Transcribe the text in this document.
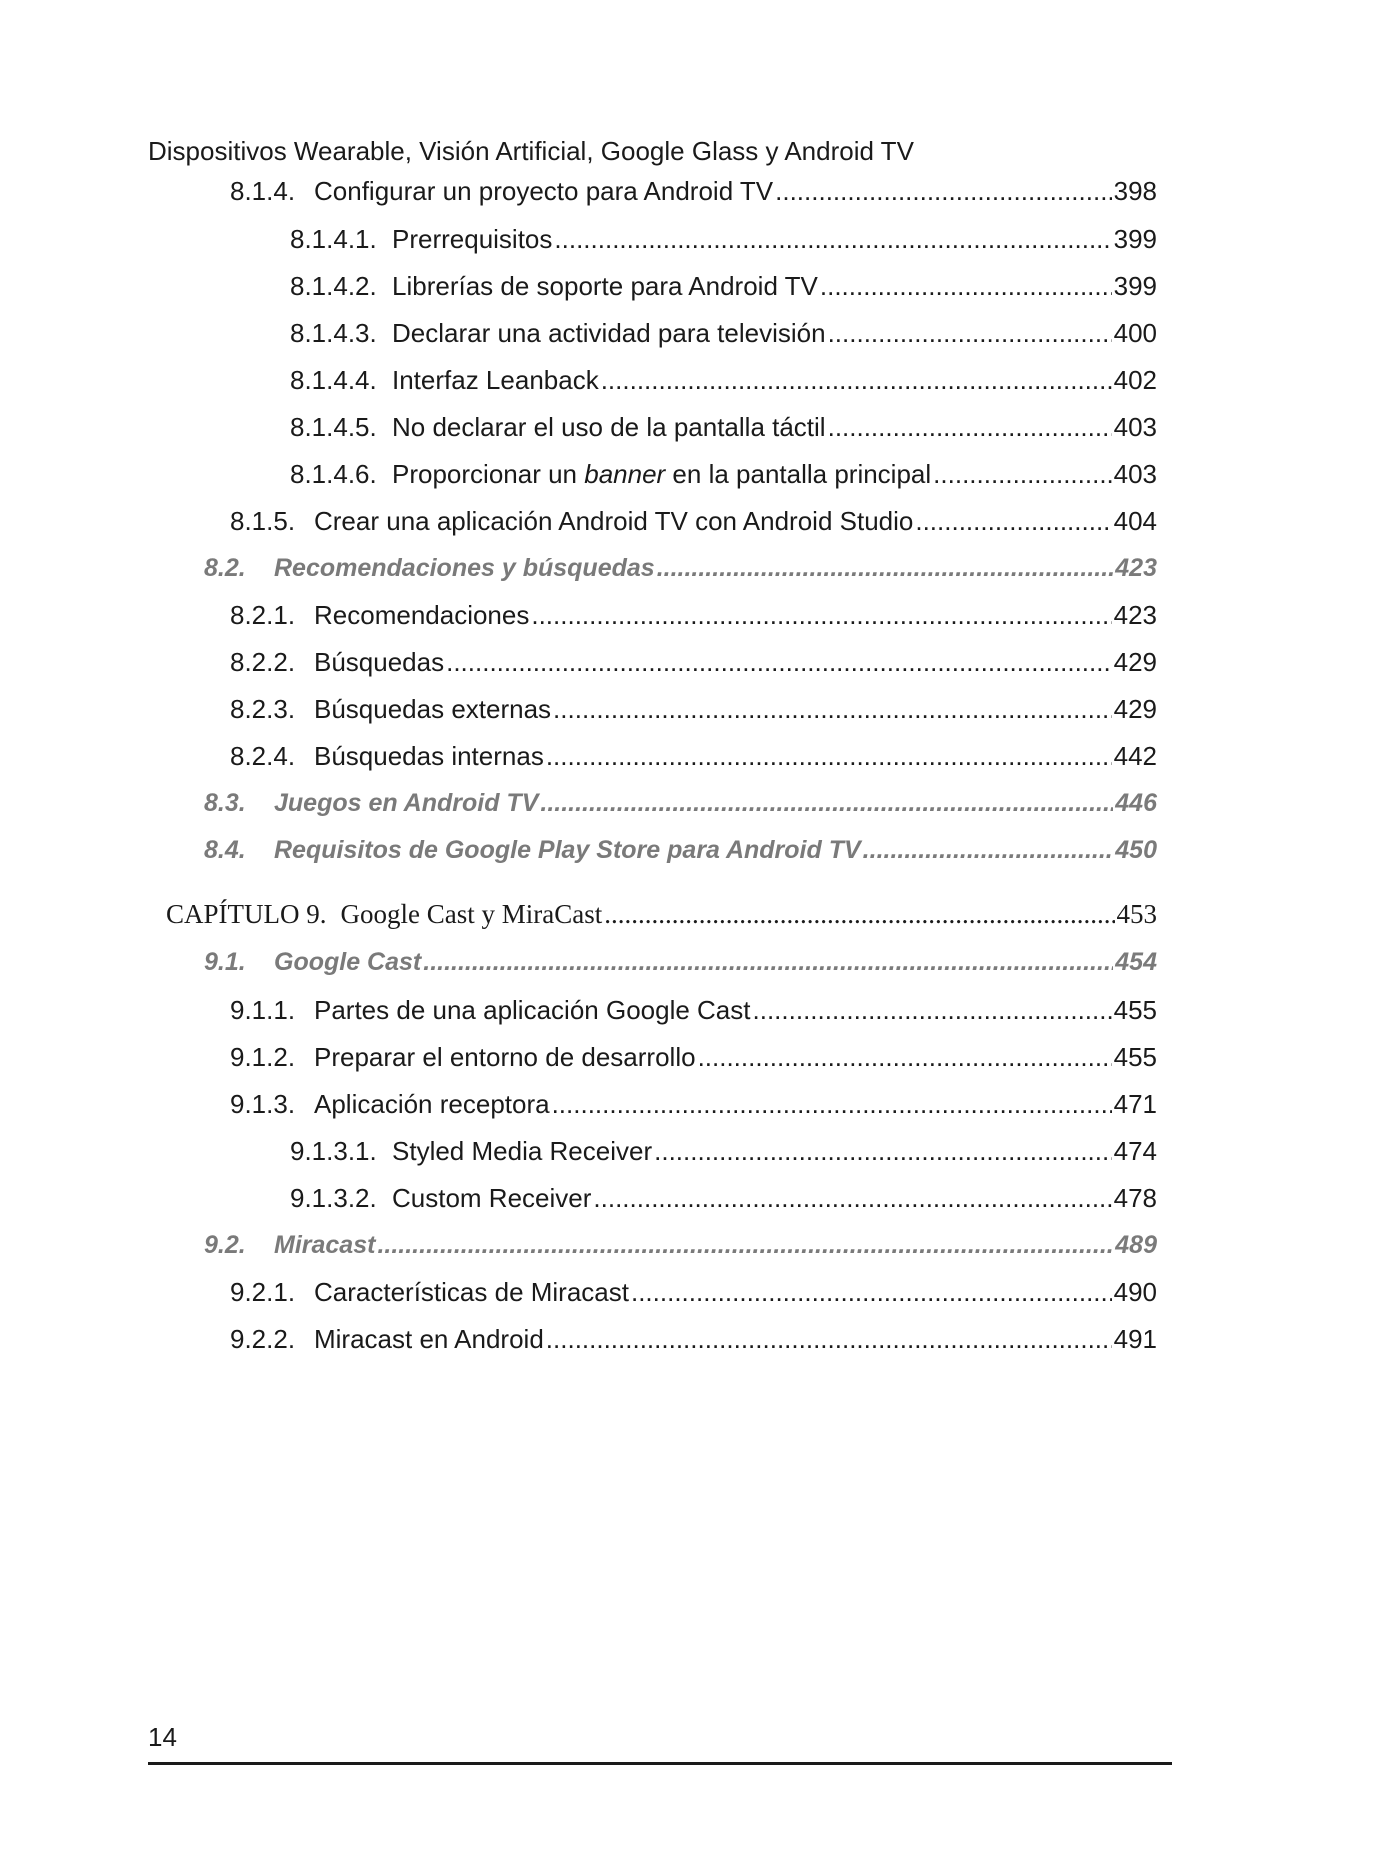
Dispositivos Wearable, Visión Artificial, Google Glass y Android TV
8.1.4. Configurar un proyecto para Android TV .....	398
8.1.4.1. Prerrequisitos .....	399
8.1.4.2. Librerías de soporte para Android TV .....	399
8.1.4.3. Declarar una actividad para televisión .....	400
8.1.4.4. Interfaz Leanback .....	402
8.1.4.5. No declarar el uso de la pantalla táctil .....	403
8.1.4.6. Proporcionar un banner en la pantalla principal .....	403
8.1.5. Crear una aplicación Android TV con Android Studio .....	404
8.2.	Recomendaciones y búsquedas .....	423
8.2.1. Recomendaciones .....	423
8.2.2. Búsquedas .....	429
8.2.3. Búsquedas externas .....	429
8.2.4. Búsquedas internas .....	442
8.3.	Juegos en Android TV .....	446
8.4.	Requisitos de Google Play Store para Android TV .....	450
CAPÍTULO 9. Google Cast y MiraCast .....	453
9.1.	Google Cast .....	454
9.1.1. Partes de una aplicación Google Cast .....	455
9.1.2. Preparar el entorno de desarrollo .....	455
9.1.3. Aplicación receptora .....	471
9.1.3.1. Styled Media Receiver .....	474
9.1.3.2. Custom Receiver .....	478
9.2.	Miracast .....	489
9.2.1. Características de Miracast .....	490
9.2.2. Miracast en Android .....	491
14
